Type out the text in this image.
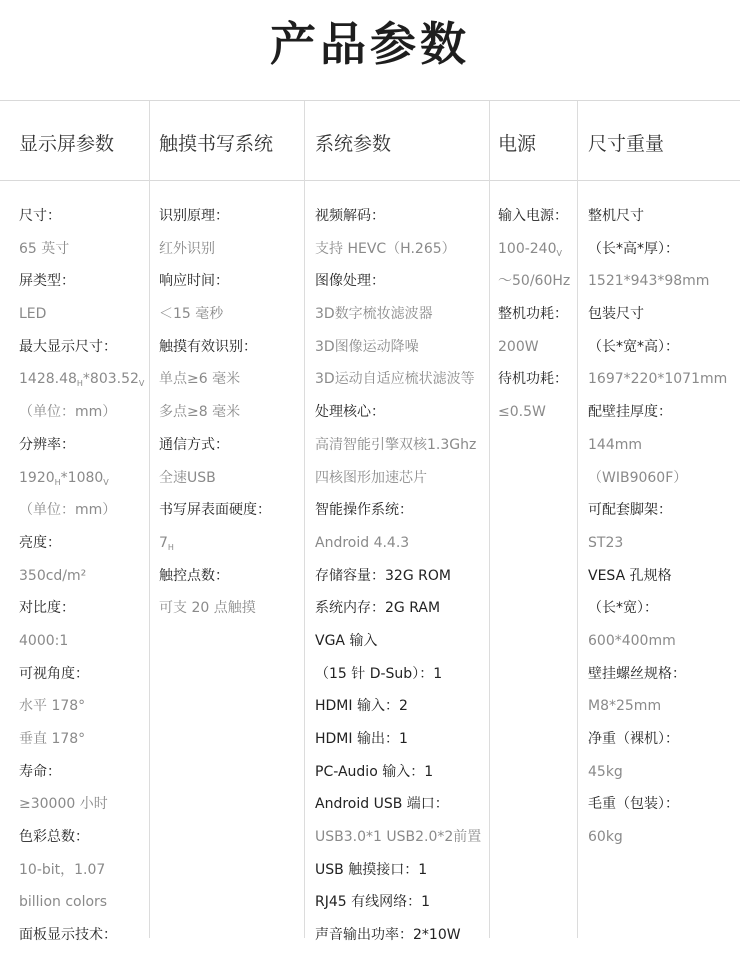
产品参数
显示屏参数 触摸书写系统 系统参数	电源	尺寸重量
尺寸：
65 英寸
屏类型：
LED
最大显示尺寸：
$1428.48_H*803.52_V$
（单位：mm）
分辨率：
$1920_H*1080_V$
（单位：mm）
亮度：
350cd/m²
对比度：
4000:1
可视角度：
水平 178°
垂直 178°
寿命：
≥30000 小时
色彩总数：
10-bit，1.07
billion colors
面板显示技术：
识别原理：
红外识别
响应时间：
＜15 毫秒
触摸有效识别：
单点≥6 毫米
多点≥8 毫米
通信方式：
全速USB
书写屏表面硬度：
$7_H$
触控点数：
可支 20 点触摸
视频解码：
支持 HEVC（H.265）
图像处理：
3D数字梳妆滤波器
3D图像运动降噪
3D运动自适应梳状滤波等
处理核心：
高清智能引擎双核1.3Ghz
四核图形加速芯片
智能操作系统：
Android 4.4.3
存储容量：32G ROM
系统内存：2G RAM
VGA 输入
（15 针 D-Sub）：1
HDMI 输入：2
HDMI 输出：1
PC-Audio 输入：1
Android USB 端口：
USB3.0*1 USB2.0*2前置
USB 触摸接口：1
RJ45 有线网络：1
声音输出功率：2*10W
输入电源：
$100-240_V$
～50/60Hz
整机功耗：
200W
待机功耗：
≤0.5W
整机尺寸
（长*高*厚）：
1521*943*98mm
包装尺寸
（长*宽*高）：
1697*220*1071mm
配壁挂厚度：
144mm
（WIB9060F）
可配套脚架：
ST23
VESA 孔规格
（长*宽）：
600*400mm
壁挂螺丝规格：
M8*25mm
净重（裸机）：
45kg
毛重（包装）：
60kg
